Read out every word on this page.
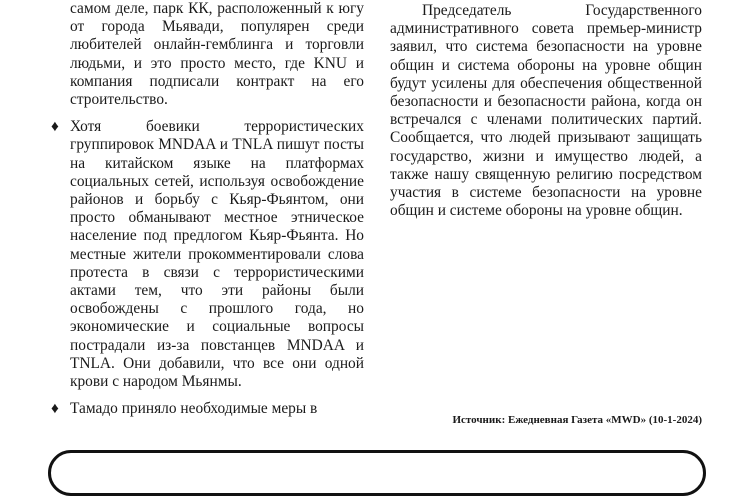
самом деле, парк КК, расположенный к югу от города Мьявади, популярен среди любителей онлайн-гемблинга и торговли людьми, и это просто место, где KNU и компания подписали контракт на его строительство.

♦ Хотя боевики террористических группировок MNDAA и TNLA пишут посты на китайском языке на платформах социальных сетей, используя освобождение районов и борьбу с Кьяр-Фьянтом, они просто обманывают местное этническое население под предлогом Кьяр-Фьянта. Но местные жители прокомментировали слова протеста в связи с террористическими актами тем, что эти районы были освобождены с прошлого года, но экономические и социальные вопросы пострадали из-за повстанцев MNDAA и TNLA. Они добавили, что все они одной крови с народом Мьянмы.
♦ Тамадо приняло необходимые меры в

Председатель Государственного административного совета премьер-министр заявил, что система безопасности на уровне общин и система обороны на уровне общин будут усилены для обеспечения общественной безопасности и безопасности района, когда он встречался с членами политических партий. Сообщается, что людей призывают защищать государство, жизни и имущество людей, а также нашу священную религию посредством участия в системе безопасности на уровне общин и системе обороны на уровне общин.

Источник: Ежедневная Газета «MWD» (10-1-2024)
